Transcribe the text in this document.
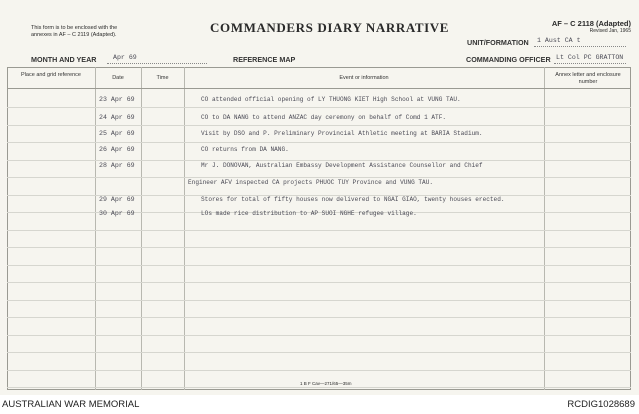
This form is to be enclosed with the
annexes in AF – C 2119 (Adapted).	COMMANDERS DIARY NARRATIVE	AF – C 2118 (Adapted)
Revised Jan, 1965
MONTH AND YEAR	Apr 69	REFERENCE MAP
UNIT/FORMATION 1 Aust CA t
COMMANDING OFFICER Lt Col PC GRATTON
Place and grid reference	Date	Time	Event or information	Annex letter and enclosure number
23 Apr 69	CO attended official opening of LY THUONG KIET High School at VUNG TAU.
24 Apr 69	CO to DA NANG to attend ANZAC day ceremony on behalf of Comd 1 ATF.
25 Apr 69	Visit by DSO and P. Preliminary Provincial Athletic meeting at BARIA Stadium.
26 Apr 69	CO returns from DA NANG.
28 Apr 69	Mr J. DONOVAN, Australian Embassy Development Assistance Counsellor and Chief
Engineer AFV inspected CA projects PHUOC TUY Province and VUNG TAU.
29 Apr 69	Stores for total of fifty houses now delivered to NGAI GIAO, twenty houses erected.
30 Apr 69	LOs made rice distribution to AP SUOI NGHE refugee village.
1 B F Cav—271/65—35m
AUSTRALIAN WAR MEMORIAL	RCDIG1028689
